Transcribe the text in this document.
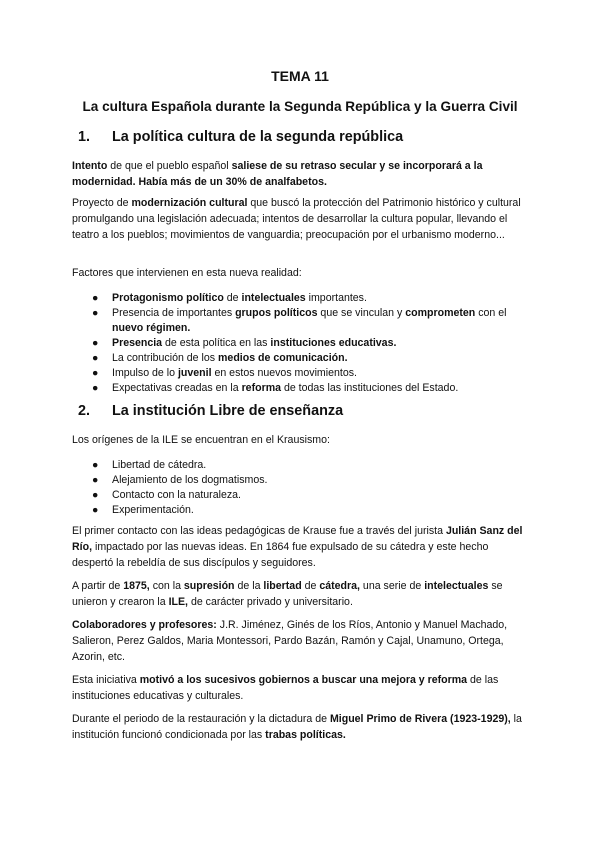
TEMA 11
La cultura Española durante la Segunda República y la Guerra Civil
1. La política cultura de la segunda república
Intento de que el pueblo español saliese de su retraso secular y se incorporará a la modernidad. Había más de un 30% de analfabetos.
Proyecto de modernización cultural que buscó la protección del Patrimonio histórico y cultural promulgando una legislación adecuada; intentos de desarrollar la cultura popular, llevando el teatro a los pueblos; movimientos de vanguardia; preocupación por el urbanismo moderno...
Factores que intervienen en esta nueva realidad:
● Protagonismo político de intelectuales importantes.
● Presencia de importantes grupos políticos que se vinculan y comprometen con el nuevo régimen.
● Presencia de esta política en las instituciones educativas.
● La contribución de los medios de comunicación.
● Impulso de lo juvenil en estos nuevos movimientos.
● Expectativas creadas en la reforma de todas las instituciones del Estado.
2. La institución Libre de enseñanza
Los orígenes de la ILE se encuentran en el Krausismo:
● Libertad de cátedra.
● Alejamiento de los dogmatismos.
● Contacto con la naturaleza.
● Experimentación.
El primer contacto con las ideas pedagógicas de Krause fue a través del jurista Julián Sanz del Río, impactado por las nuevas ideas. En 1864 fue expulsado de su cátedra y este hecho despertó la rebeldía de sus discípulos y seguidores.
A partir de 1875, con la supresión de la libertad de cátedra, una serie de intelectuales se unieron y crearon la ILE, de carácter privado y universitario.
Colaboradores y profesores: J.R. Jiménez, Ginés de los Ríos, Antonio y Manuel Machado, Salieron, Perez Galdos, Maria Montessori, Pardo Bazán, Ramón y Cajal, Unamuno, Ortega, Azorin, etc.
Esta iniciativa motivó a los sucesivos gobiernos a buscar una mejora y reforma de las instituciones educativas y culturales.
Durante el periodo de la restauración y la dictadura de Miguel Primo de Rivera (1923-1929), la institución funcionó condicionada por las trabas políticas.
